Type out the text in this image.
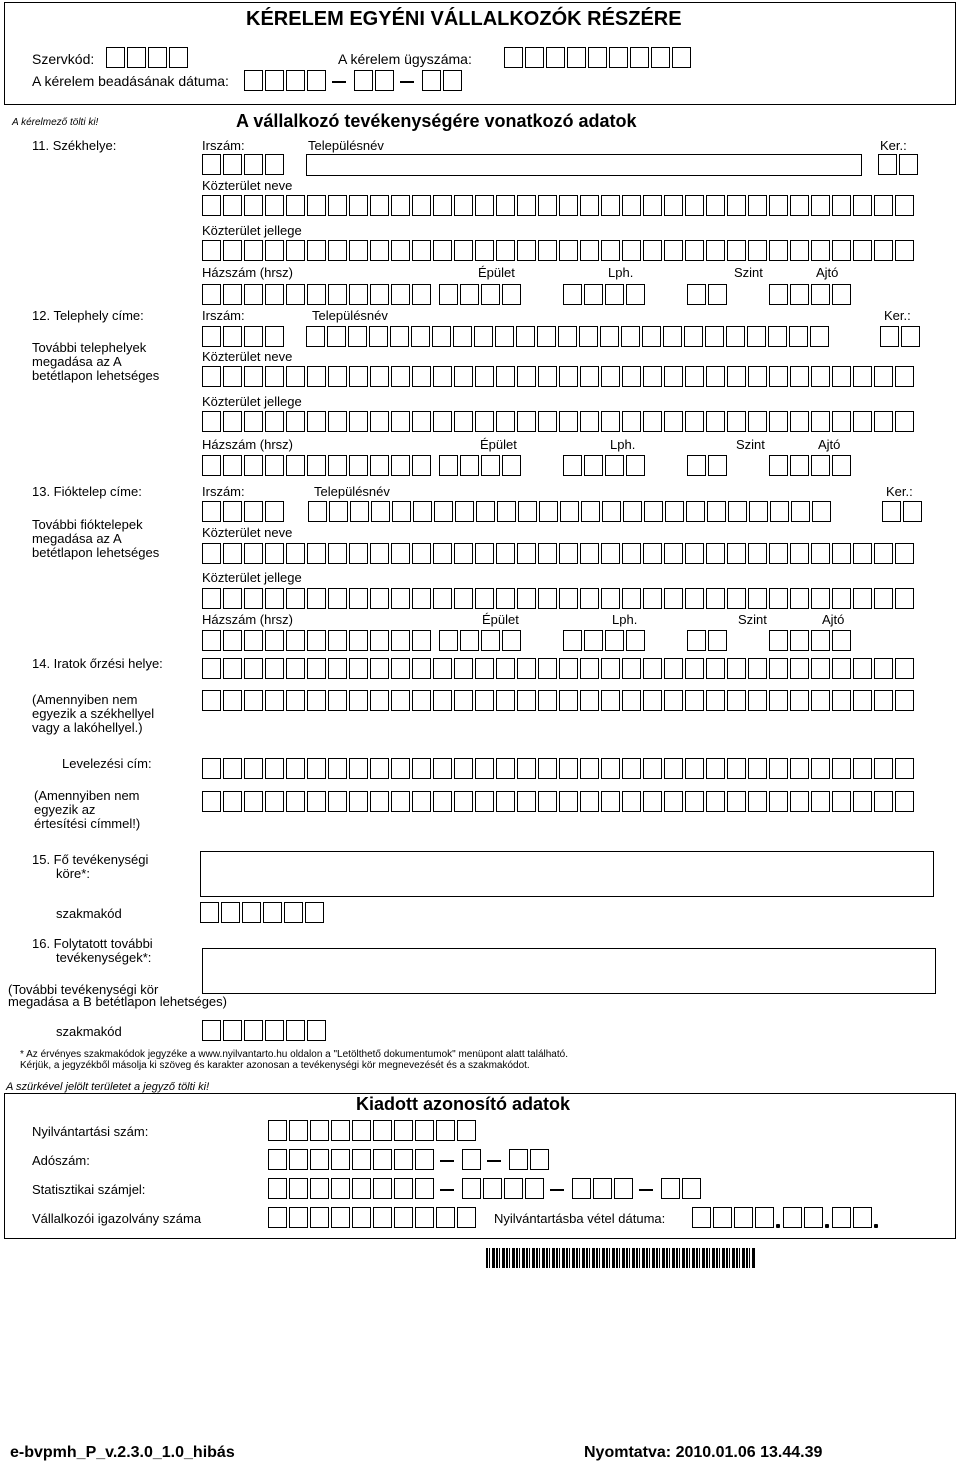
KÉRELEM EGYÉNI VÁLLALKOZÓK RÉSZÉRE
Szervkód:	A kérelem ügyszáma:
A kérelem beadásának dátuma:
A kérelmező tölti ki!	A vállalkozó tevékenységére vonatkozó adatok
11. Székhelye:	Irszám:	Településnév	Ker.:
Közterület neve
Közterület jellege
Házszám (hrsz)	Épület	Lph.	Szint	Ajtó
12. Telephely címe:	Irszám:	Településnév	Ker.:
További telephelyek
megadása az A
betétlapon lehetséges
Közterület neve
Közterület jellege
Házszám (hrsz)	Épület	Lph.	Szint	Ajtó
13. Fióktelep címe:	Irszám:	Településnév	Ker.:
További fióktelepek
megadása az A
betétlapon lehetséges
Közterület neve
Közterület jellege
Házszám (hrsz)	Épület	Lph.	Szint	Ajtó
14. Iratok őrzési helye:
(Amennyiben nem
egyezik a székhellyel
vagy a lakóhellyel.)
Levelezési cím:
(Amennyiben nem
egyezik az
értesítési címmel!)
15. Fő tevékenységi
köre*:
szakmakód
16. Folytatott további
tevékenységek*:
(További tevékenységi kör
megadása a B betétlapon lehetséges)
szakmakód
* Az érvényes szakmakódok jegyzéke a www.nyilvantarto.hu oldalon a "Letölthető dokumentumok" menüpont alatt található.
Kérjük, a jegyzékből másolja ki szöveg és karakter azonosan a tevékenységi kör megnevezését és a szakmakódot.
A szürkével jelölt területet a jegyző tölti ki!
Kiadott azonosító adatok
Nyilvántartási szám:
Adószám:
Statisztikai számjel:
Vállalkozói igazolvány száma	Nyilvántartásba vétel dátuma:
e-bvpmh_P_v.2.3.0_1.0_hibás	Nyomtatva: 2010.01.06 13.44.39
